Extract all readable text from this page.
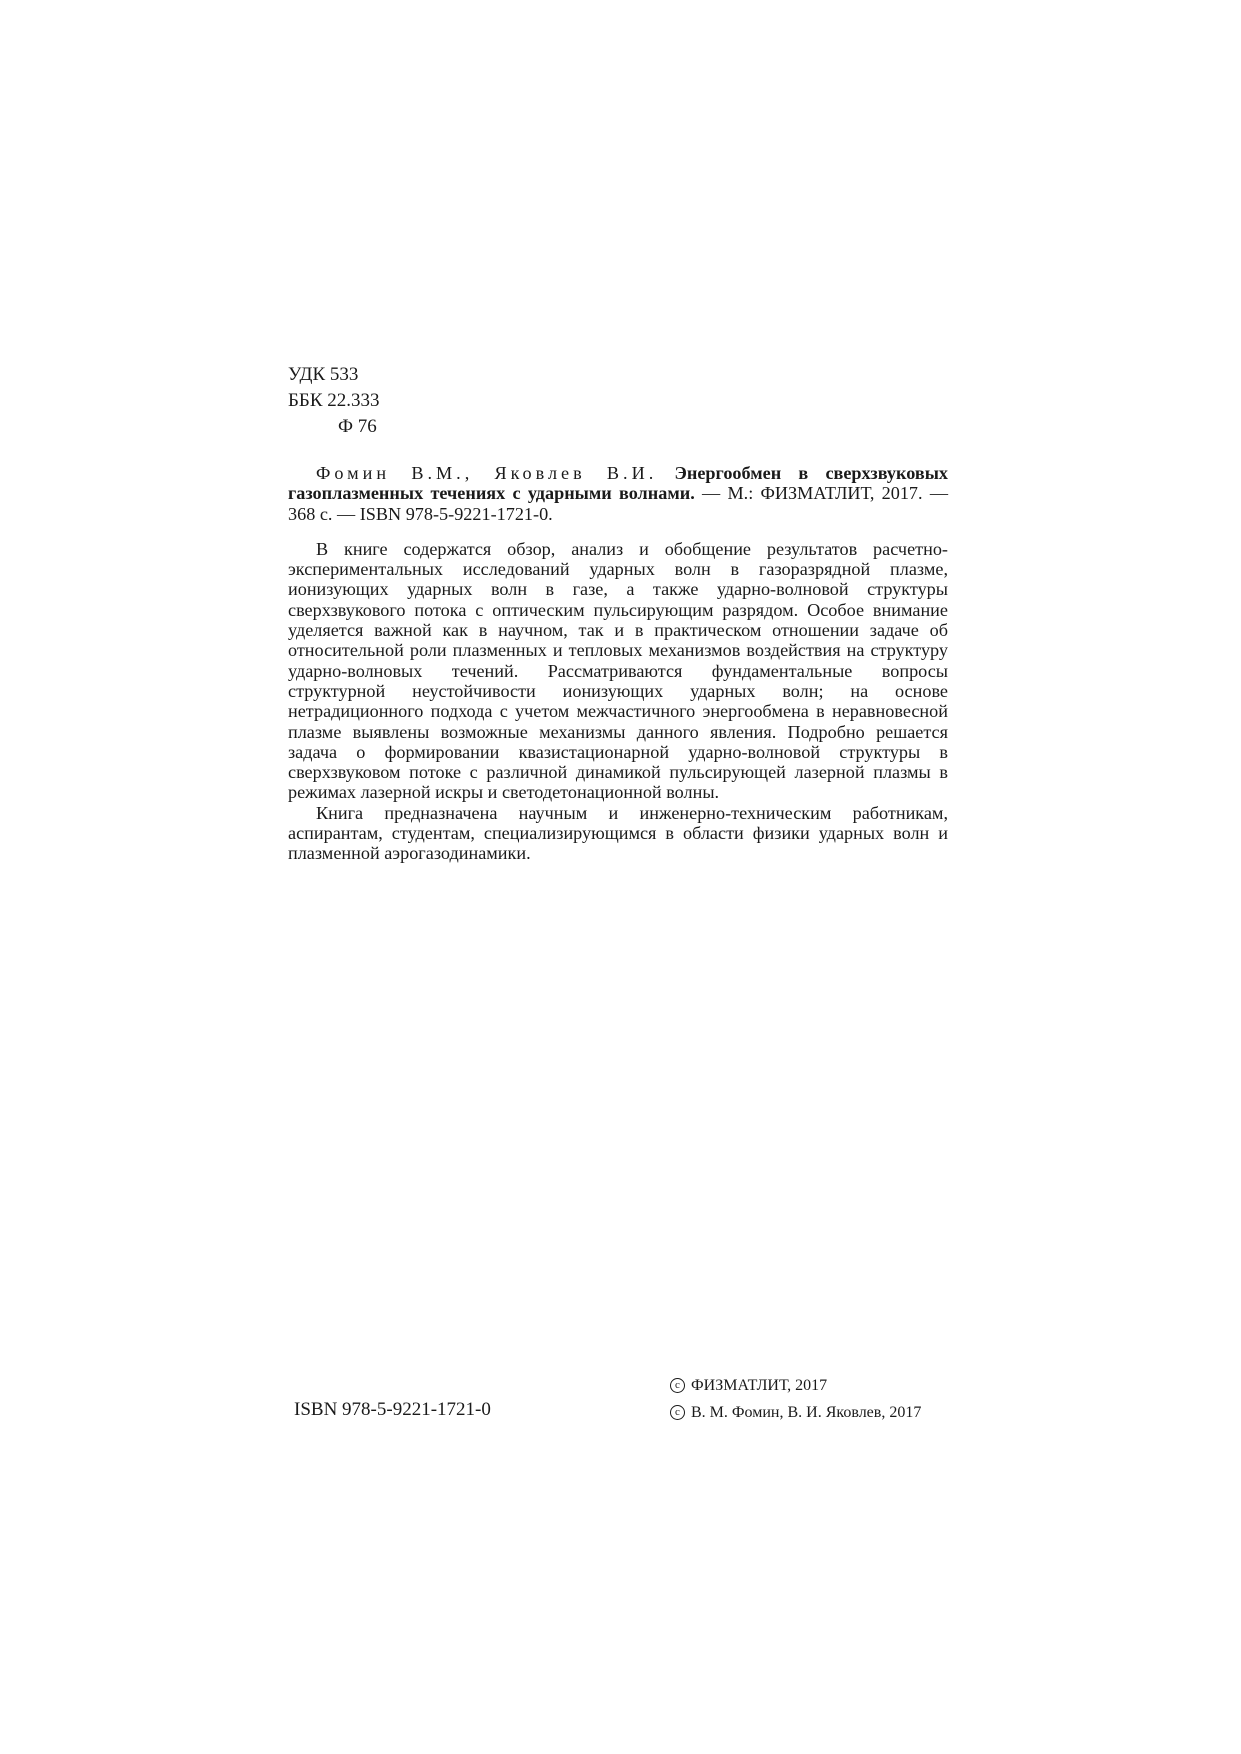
УДК 533
ББК 22.333
Ф 76

Фомин В.М., Яковлев В.И. Энергообмен в сверхзвуковых газоплазменных течениях с ударными волнами. — М.: ФИЗМАТЛИТ, 2017. — 368 с. — ISBN 978-5-9221-1721-0.

В книге содержатся обзор, анализ и обобщение результатов расчетно-экспериментальных исследований ударных волн в газоразрядной плазме, ионизующих ударных волн в газе, а также ударно-волновой структуры сверхзвукового потока с оптическим пульсирующим разрядом. Особое внимание уделяется важной как в научном, так и в практическом отношении задаче об относительной роли плазменных и тепловых механизмов воздействия на структуру ударно-волновых течений. Рассматриваются фундаментальные вопросы структурной неустойчивости ионизующих ударных волн; на основе нетрадиционного подхода с учетом межчастичного энергообмена в неравновесной плазме выявлены возможные механизмы данного явления. Подробно решается задача о формировании квазистационарной ударно-волновой структуры в сверхзвуковом потоке с различной динамикой пульсирующей лазерной плазмы в режимах лазерной искры и светодетонационной волны.

Книга предназначена научным и инженерно-техническим работникам, аспирантам, студентам, специализирующимся в области физики ударных волн и плазменной аэрогазодинамики.

ISBN 978-5-9221-1721-0
c ФИЗМАТЛИТ, 2017
c В. М. Фомин, В. И. Яковлев, 2017
